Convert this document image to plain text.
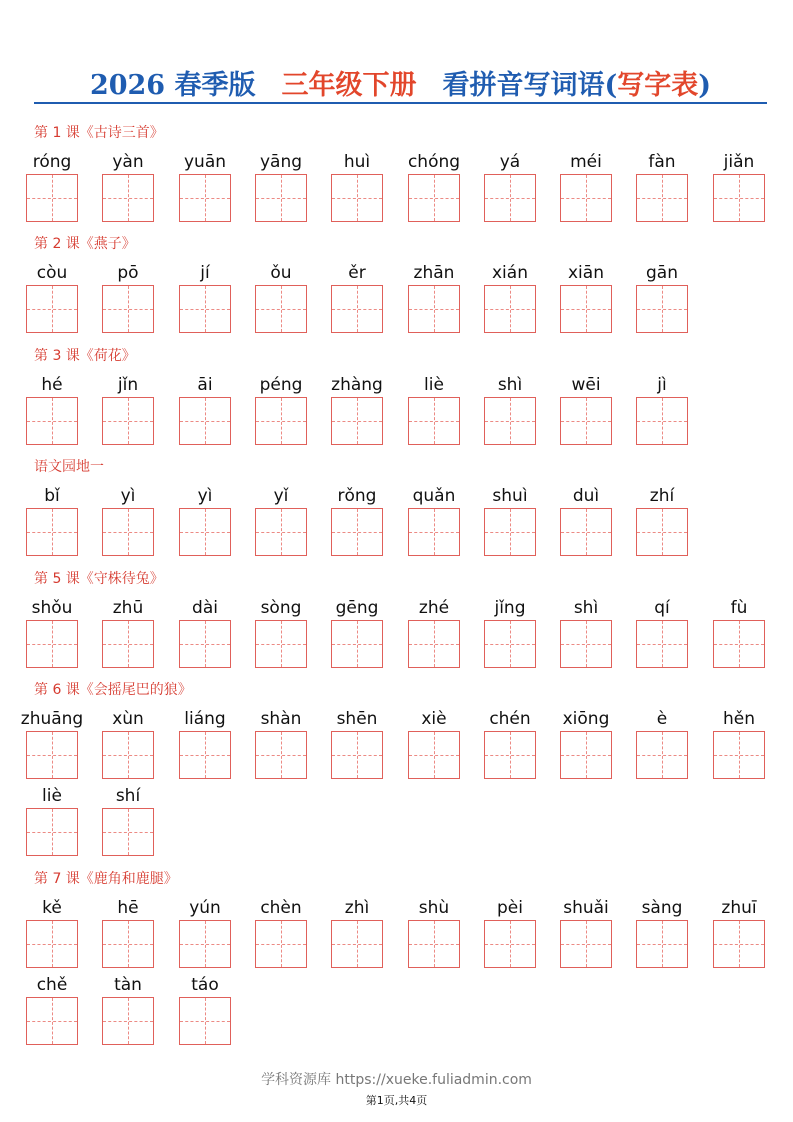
2026 春季版 三年级下册 看拼音写词语(写字表)
第 1 课《古诗三首》
róng	yàn	yuān	yāng	huì	chóng	yá	méi	fàn	jiǎn
第 2 课《燕子》
còu	pō	jí	ǒu	ěr	zhān	xián	xiān	gān
第 3 课《荷花》
hé	jǐn	āi	péng	zhàng	liè	shì	wēi	jì
语文园地一
bǐ	yì	yì	yǐ	rǒng	quǎn	shuì	duì	zhí
第 5 课《守株待兔》
shǒu	zhū	dài	sòng	gēng	zhé	jǐng	shì	qí	fù
第 6 课《会摇尾巴的狼》
zhuāng	xùn	liáng	shàn	shēn	xiè	chén	xiōng	è	hěn
liè	shí
第 7 课《鹿角和鹿腿》
kě	hē	yún	chèn	zhì	shù	pèi	shuǎi	sàng	zhuī
chě	tàn	táo
学科资源库 https://xueke.fuliadmin.com
第1页,共4页
